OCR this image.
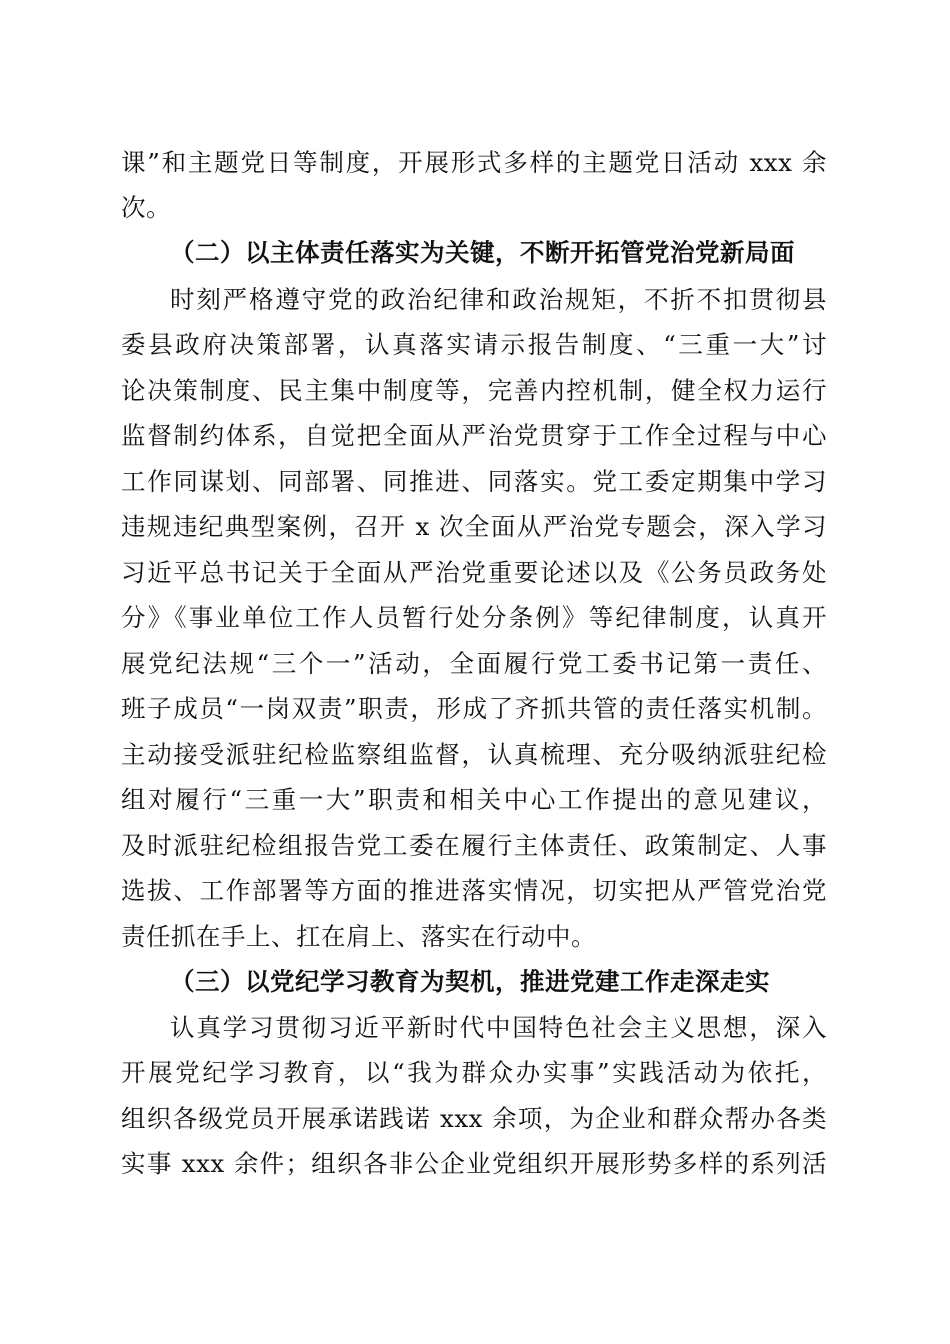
课”和主题党日等制度，开展形式多样的主题党日活动 xxx 余
次。
（二）以主体责任落实为关键，不断开拓管党治党新局面
时刻严格遵守党的政治纪律和政治规矩，不折不扣贯彻县
委县政府决策部署，认真落实请示报告制度、“三重一大”讨
论决策制度、民主集中制度等，完善内控机制，健全权力运行
监督制约体系，自觉把全面从严治党贯穿于工作全过程与中心
工作同谋划、同部署、同推进、同落实。党工委定期集中学习
违规违纪典型案例，召开 x 次全面从严治党专题会，深入学习
习近平总书记关于全面从严治党重要论述以及《公务员政务处
分》《事业单位工作人员暂行处分条例》等纪律制度，认真开
展党纪法规“三个一”活动，全面履行党工委书记第一责任、
班子成员“一岗双责”职责，形成了齐抓共管的责任落实机制。
主动接受派驻纪检监察组监督，认真梳理、充分吸纳派驻纪检
组对履行“三重一大”职责和相关中心工作提出的意见建议，
及时派驻纪检组报告党工委在履行主体责任、政策制定、人事
选拔、工作部署等方面的推进落实情况，切实把从严管党治党
责任抓在手上、扛在肩上、落实在行动中。
（三）以党纪学习教育为契机，推进党建工作走深走实
认真学习贯彻习近平新时代中国特色社会主义思想，深入
开展党纪学习教育，以“我为群众办实事”实践活动为依托，
组织各级党员开展承诺践诺 xxx 余项，为企业和群众帮办各类
实事 xxx 余件；组织各非公企业党组织开展形势多样的系列活
